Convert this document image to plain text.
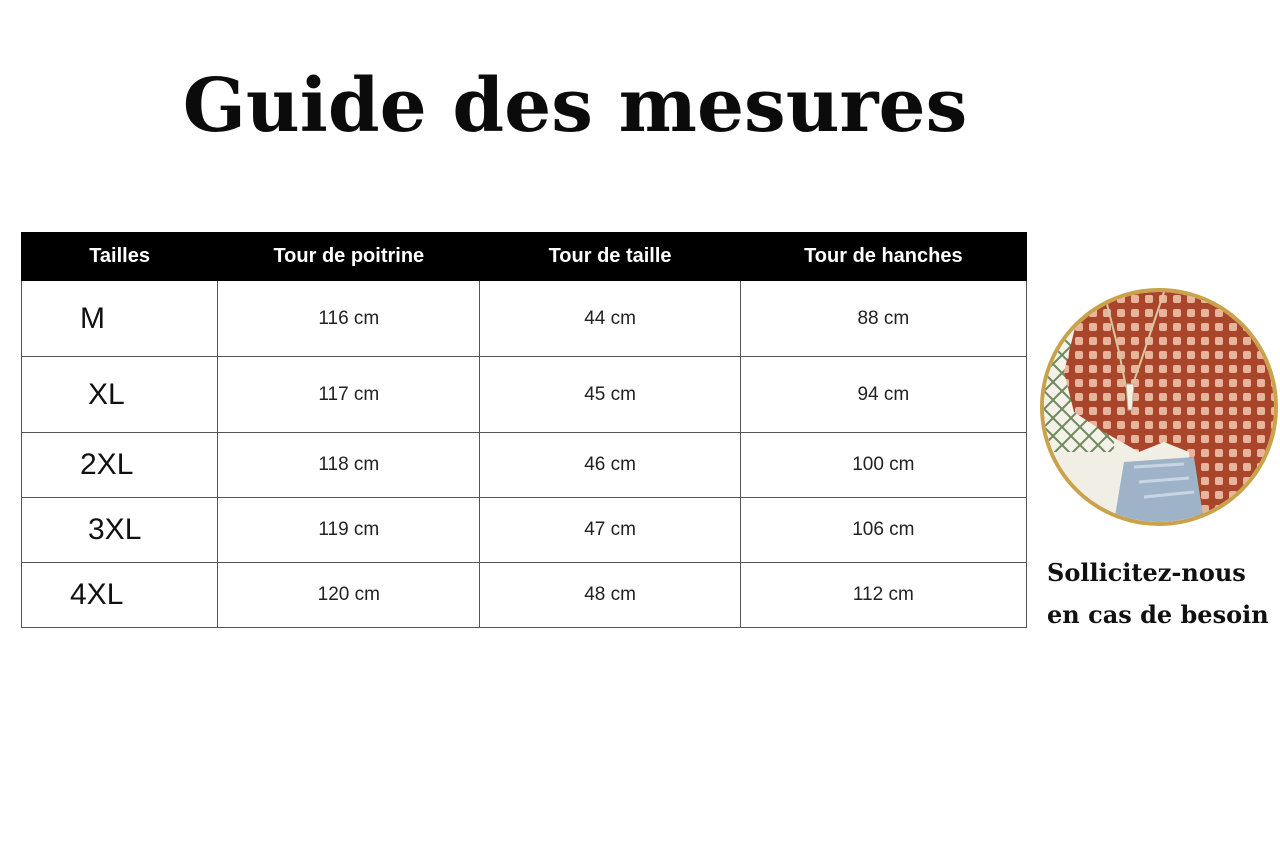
Guide des mesures
Tailles	Tour de poitrine	Tour de taille	Tour de hanches
M	116 cm	44 cm	88 cm
XL	117 cm	45 cm	94 cm
2XL	118 cm	46 cm	100 cm
3XL	119 cm	47 cm	106 cm
4XL	120 cm	48 cm	112 cm
Sollicitez-nous
en cas de besoin
